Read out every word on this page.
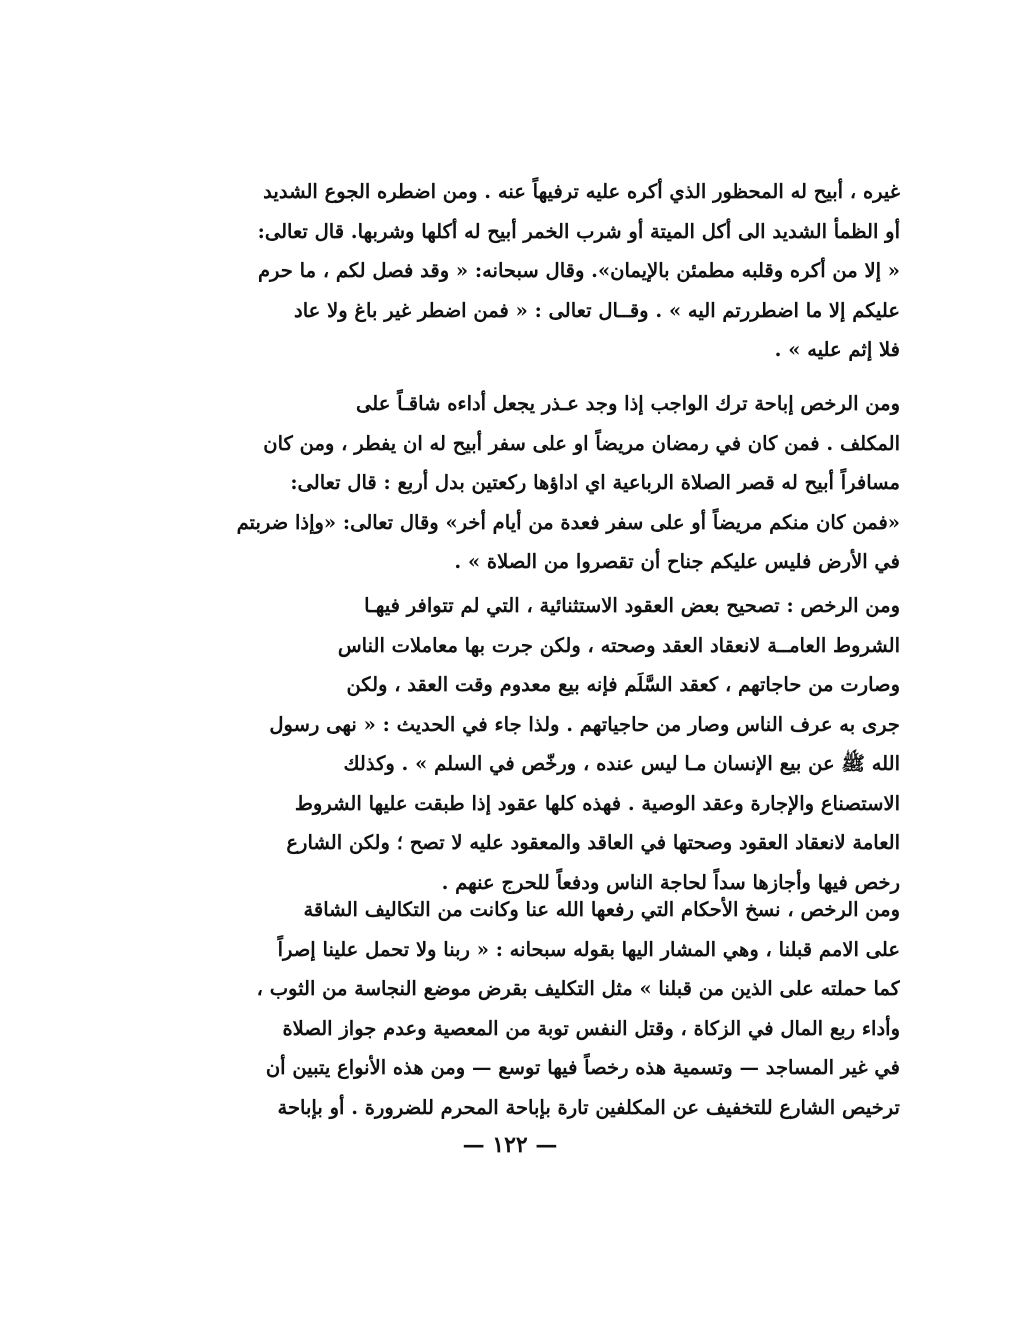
غيره ، أبيح له المحظور الذي أكره عليه ترفيهاً عنه . ومن اضطره الجوع الشديد
أو الظمأ الشديد الى أكل الميتة أو شرب الخمر أبيح له أكلها وشربها. قال تعالى:
« إلا من أكره وقلبه مطمئن بالإيمان». وقال سبحانه: « وقد فصل لكم ، ما حرم
عليكم إلا ما اضطررتم اليه » . وقــال تعالى : « فمن اضطر غير باغ ولا عاد
فلا إثم عليه » .
ومن الرخص إباحة ترك الواجب إذا وجد عـذر يجعل أداءه شاقـاً على
المكلف . فمن كان في رمضان مريضاً او على سفر أبيح له ان يفطر ، ومن كان
مسافراً أبيح له قصر الصلاة الرباعية اي اداؤها ركعتين بدل أربع : قال تعالى:
«فمن كان منكم مريضاً أو على سفر فعدة من أيام أخر» وقال تعالى: «وإذا ضربتم
في الأرض فليس عليكم جناح أن تقصروا من الصلاة » .
ومن الرخص : تصحيح بعض العقود الاستثنائية ، التي لم تتوافر فيهـا
الشروط العامــة لانعقاد العقد وصحته ، ولكن جرت بها معاملات الناس
وصارت من حاجاتهم ، كعقد السَّلَم فإنه بيع معدوم وقت العقد ، ولكن
جرى به عرف الناس وصار من حاجياتهم . ولذا جاء في الحديث : « نهى رسول
الله ﷺ عن بيع الإنسان مـا ليس عنده ، ورخّص في السلم » . وكذلك
الاستصناع والإجارة وعقد الوصية . فهذه كلها عقود إذا طبقت عليها الشروط
العامة لانعقاد العقود وصحتها في العاقد والمعقود عليه لا تصح ؛ ولكن الشارع
رخص فيها وأجازها سداً لحاجة الناس ودفعاً للحرج عنهم .
ومن الرخص ، نسخ الأحكام التي رفعها الله عنا وكانت من التكاليف الشاقة
على الامم قبلنا ، وهي المشار اليها بقوله سبحانه : « ربنا ولا تحمل علينا إصراً
كما حملته على الذين من قبلنا » مثل التكليف بقرض موضع النجاسة من الثوب ،
وأداء ربع المال في الزكاة ، وقتل النفس توبة من المعصية وعدم جواز الصلاة
في غير المساجد — وتسمية هذه رخصاً فيها توسع — ومن هذه الأنواع يتبين أن
ترخيص الشارع للتخفيف عن المكلفين تارة بإباحة المحرم للضرورة . أو بإباحة
— ١٢٢ —
